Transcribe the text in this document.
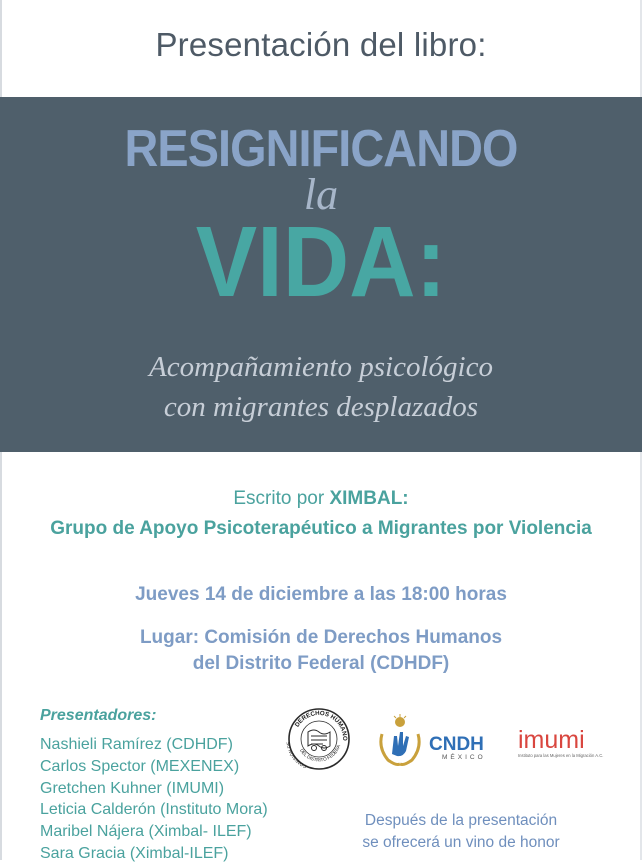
Presentación del libro:
RESIGNIFICANDO
la
VIDA:
Acompañamiento psicológico
con migrantes desplazados
Escrito por XIMBAL:
Grupo de Apoyo Psicoterapéutico a Migrantes por Violencia
Jueves 14 de diciembre a las 18:00 horas
Lugar: Comisión de Derechos Humanos
del Distrito Federal (CDHDF)
Presentadores:
Nashieli Ramírez (CDHDF)
Carlos Spector (MEXENEX)
Gretchen Kuhner (IMUMI)
Leticia Calderón (Instituto Mora)
Maribel Nájera (Ximbal- ILEF)
Sara Gracia (Ximbal-ILEF)
DERECHOS HUMANO
COMISIÓN DE
DEL DISTRITO FEDERA	CNDH
MÉXICO
imumi
Instituto para las Mujeres en la Migración A.C.
Después de la presentación
se ofrecerá un vino de honor
